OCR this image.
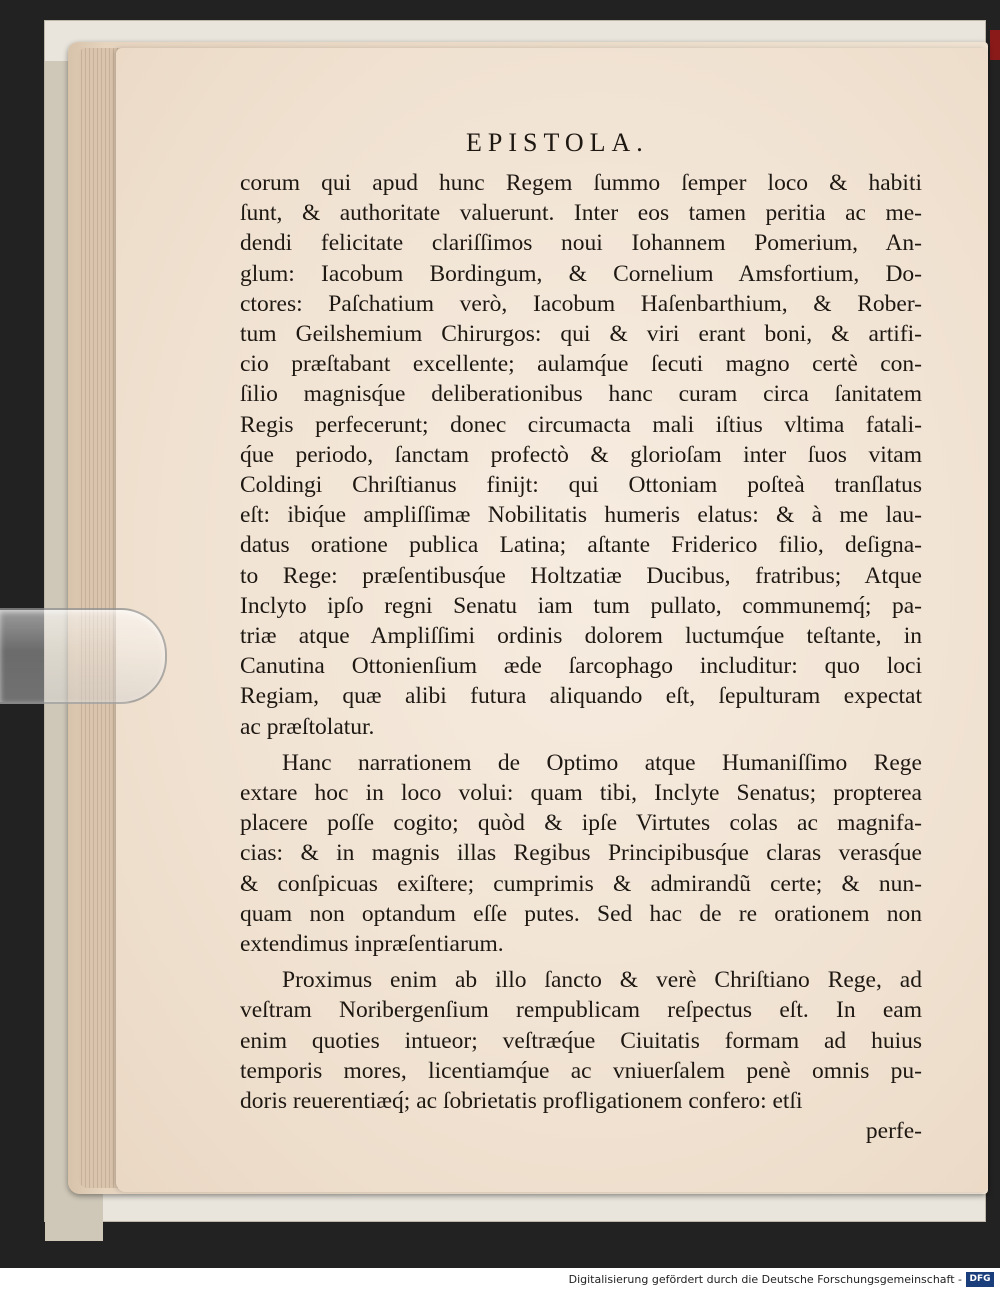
EPISTOLA.
corum qui apud hunc Regem ſummo ſemper loco & habiti
ſunt, & authoritate valuerunt. Inter eos tamen peritia ac me-
dendi felicitate clariſſimos noui Iohannem Pomerium, An-
glum: Iacobum Bordingum, & Cornelium Amsfortium, Do-
ctores: Paſchatium verò, Iacobum Haſenbarthium, & Rober-
tum Geilshemium Chirurgos: qui & viri erant boni, & artifi-
cio præſtabant excellente; aulamq́ue ſecuti magno certè con-
ſilio magnisq́ue deliberationibus hanc curam circa ſanitatem
Regis perfecerunt; donec circumacta mali iſtius vltima fatali-
q́ue periodo, ſanctam profectò & glorioſam inter ſuos vitam
Coldingi Chriſtianus finijt: qui Ottoniam poſteà tranſlatus
eſt: ibiq́ue ampliſſimæ Nobilitatis humeris elatus: & à me lau-
datus oratione publica Latina; aſtante Friderico filio, deſigna-
to Rege: præſentibusq́ue Holtzatiæ Ducibus, fratribus; Atque
Inclyto ipſo regni Senatu iam tum pullato, communemq́; pa-
triæ atque Ampliſſimi ordinis dolorem luctumq́ue teſtante, in
Canutina Ottonienſium æde ſarcophago includitur: quo loci
Regiam, quæ alibi futura aliquando eſt, ſepulturam expectat
ac præſtolatur.
Hanc narrationem de Optimo atque Humaniſſimo Rege
extare hoc in loco volui: quam tibi, Inclyte Senatus; propterea
placere poſſe cogito; quòd & ipſe Virtutes colas ac magnifa-
cias: & in magnis illas Regibus Principibusq́ue claras verasq́ue
& conſpicuas exiſtere; cumprimis & admirandũ certe; & nun-
quam non optandum eſſe putes. Sed hac de re orationem non
extendimus inpræſentiarum.
Proximus enim ab illo ſancto & verè Chriſtiano Rege, ad
veſtram Noribergenſium rempublicam reſpectus eſt. In eam
enim quoties intueor; veſtræq́ue Ciuitatis formam ad huius
temporis mores, licentiamq́ue ac vniuerſalem penè omnis pu-
doris reuerentiæq́; ac ſobrietatis profligationem confero: etſi
perfe-
Digitalisierung gefördert durch die Deutsche Forschungsgemeinschaft - DFG
